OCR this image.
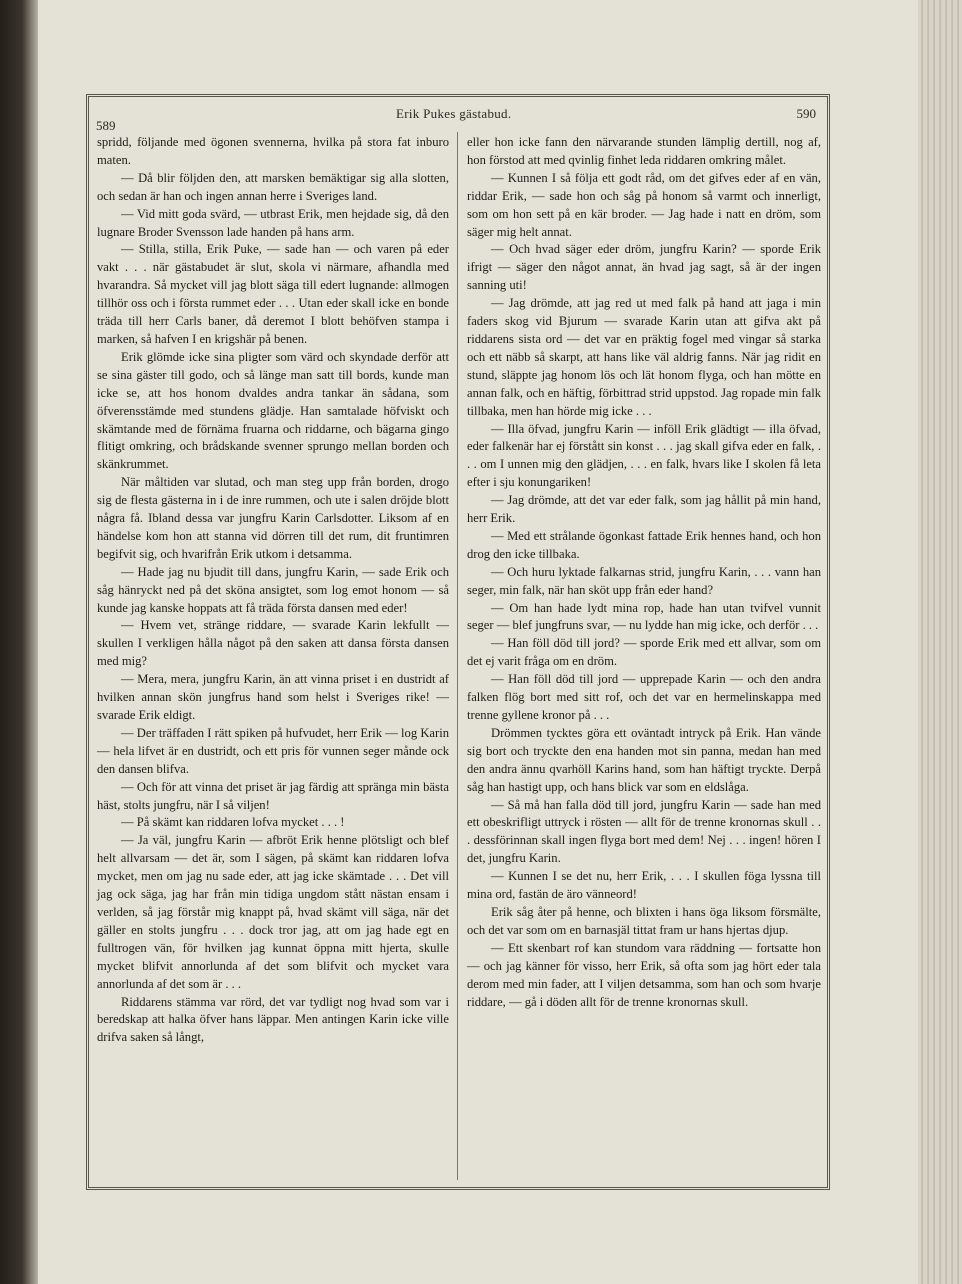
589
Erik Pukes gästabud.	590

spridd, följande med ögonen svennerna, hvilka på stora fat inburo maten.

— Då blir följden den, att marsken bemäktigar sig alla slotten, och sedan är han och ingen annan herre i Sveriges land.

— Vid mitt goda svärd, — utbrast Erik, men hejdade sig, då den lugnare Broder Svensson lade handen på hans arm.

— Stilla, stilla, Erik Puke, — sade han — och varen på eder vakt . . . när gästabudet är slut, skola vi närmare, afhandla med hvarandra. Så mycket vill jag blott säga till edert lugnande: allmogen tillhör oss och i första rummet eder . . . Utan eder skall icke en bonde träda till herr Carls baner, då deremot I blott behöfven stampa i marken, så hafven I en krigshär på benen.

Erik glömde icke sina pligter som värd och skyndade derför att se sina gäster till godo, och så länge man satt till bords, kunde man icke se, att hos honom dvaldes andra tankar än sådana, som öfverensstämde med stundens glädje. Han samtalade höfviskt och skämtande med de förnäma fruarna och riddarne, och bägarna gingo flitigt omkring, och brådskande svenner sprungo mellan borden och skänkrummet.

När måltiden var slutad, och man steg upp från borden, drogo sig de flesta gästerna in i de inre rummen, och ute i salen dröjde blott några få. Ibland dessa var jungfru Karin Carlsdotter. Liksom af en händelse kom hon att stanna vid dörren till det rum, dit fruntimren begifvit sig, och hvarifrån Erik utkom i detsamma.

— Hade jag nu bjudit till dans, jungfru Karin, — sade Erik och såg hänryckt ned på det sköna ansigtet, som log emot honom — så kunde jag kanske hoppats att få träda första dansen med eder!

— Hvem vet, stränge riddare, — svarade Karin lekfullt — skullen I verkligen hålla något på den saken att dansa första dansen med mig?

— Mera, mera, jungfru Karin, än att vinna priset i en dustridt af hvilken annan skön jungfrus hand som helst i Sveriges rike! — svarade Erik eldigt.

— Der träffaden I rätt spiken på hufvudet, herr Erik — log Karin — hela lifvet är en dustridt, och ett pris för vunnen seger månde ock den dansen blifva.

— Och för att vinna det priset är jag färdig att spränga min bästa häst, stolts jungfru, när I så viljen!

— På skämt kan riddaren lofva mycket . . . !

— Ja väl, jungfru Karin — afbröt Erik henne plötsligt och blef helt allvarsam — det är, som I sägen, på skämt kan riddaren lofva mycket, men om jag nu sade eder, att jag icke skämtade . . . Det vill jag ock säga, jag har från min tidiga ungdom stått nästan ensam i verlden, så jag förstår mig knappt på, hvad skämt vill säga, när det gäller en stolts jungfru . . . dock tror jag, att om jag hade egt en fulltrogen vän, för hvilken jag kunnat öppna mitt hjerta, skulle mycket blifvit annorlunda af det som blifvit och mycket vara annorlunda af det som är . . .

Riddarens stämma var rörd, det var tydligt nog hvad som var i beredskap att halka öfver hans läppar. Men antingen Karin icke ville drifva saken så långt,

eller hon icke fann den närvarande stunden lämplig dertill, nog af, hon förstod att med qvinlig finhet leda riddaren omkring målet.

— Kunnen I så följa ett godt råd, om det gifves eder af en vän, riddar Erik, — sade hon och såg på honom så varmt och innerligt, som om hon sett på en kär broder. — Jag hade i natt en dröm, som säger mig helt annat.

— Och hvad säger eder dröm, jungfru Karin? — sporde Erik ifrigt — säger den något annat, än hvad jag sagt, så är der ingen sanning uti!

— Jag drömde, att jag red ut med falk på hand att jaga i min faders skog vid Bjurum — svarade Karin utan att gifva akt på riddarens sista ord — det var en präktig fogel med vingar så starka och ett näbb så skarpt, att hans like väl aldrig fanns. När jag ridit en stund, släppte jag honom lös och lät honom flyga, och han mötte en annan falk, och en häftig, förbittrad strid uppstod. Jag ropade min falk tillbaka, men han hörde mig icke . . .

— Illa öfvad, jungfru Karin — inföll Erik glädtigt — illa öfvad, eder falkenär har ej förstått sin konst . . . jag skall gifva eder en falk, . . . om I unnen mig den glädjen, . . . en falk, hvars like I skolen få leta efter i sju konungariken!

— Jag drömde, att det var eder falk, som jag hållit på min hand, herr Erik.

— Med ett strålande ögonkast fattade Erik hennes hand, och hon drog den icke tillbaka.

— Och huru lyktade falkarnas strid, jungfru Karin, . . . vann han seger, min falk, när han sköt upp från eder hand?

— Om han hade lydt mina rop, hade han utan tvifvel vunnit seger — blef jungfruns svar, — nu lydde han mig icke, och derför . . .

— Han föll död till jord? — sporde Erik med ett allvar, som om det ej varit fråga om en dröm.

— Han föll död till jord — upprepade Karin — och den andra falken flög bort med sitt rof, och det var en hermelinskappa med trenne gyllene kronor på . . .

Drömmen tycktes göra ett oväntadt intryck på Erik. Han vände sig bort och tryckte den ena handen mot sin panna, medan han med den andra ännu qvarhöll Karins hand, som han häftigt tryckte. Derpå såg han hastigt upp, och hans blick var som en eldslåga.

— Så må han falla död till jord, jungfru Karin — sade han med ett obeskrifligt uttryck i rösten — allt för de trenne kronornas skull . . . dessförinnan skall ingen flyga bort med dem! Nej . . . ingen! hören I det, jungfru Karin.

— Kunnen I se det nu, herr Erik, . . . I skullen föga lyssna till mina ord, fastän de äro vänneord!

Erik såg åter på henne, och blixten i hans öga liksom försmälte, och det var som om en barnasjäl tittat fram ur hans hjertas djup.

— Ett skenbart rof kan stundom vara räddning — fortsatte hon — och jag känner för visso, herr Erik, så ofta som jag hört eder tala derom med min fader, att I viljen detsamma, som han och som hvarje riddare, — gå i döden allt för de trenne kronornas skull.
